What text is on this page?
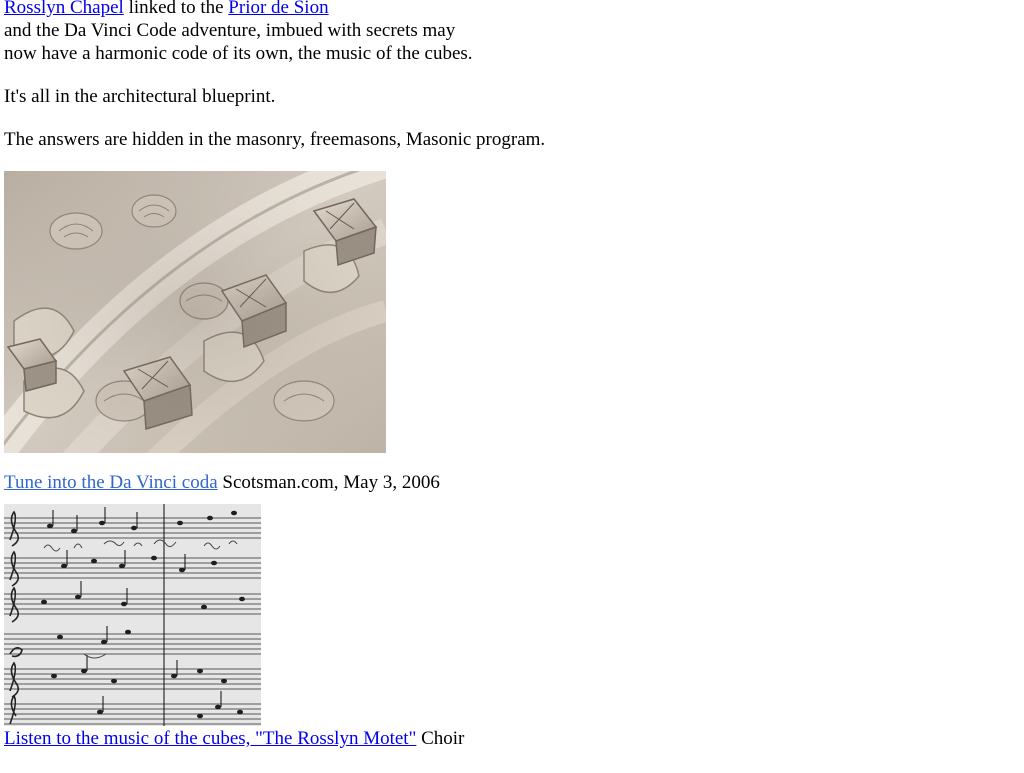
Rosslyn Chapel linked to the Prior de Sion
and the Da Vinci Code adventure, imbued with secrets may
now have a harmonic code of its own, the music of the cubes.

It's all in the architectural blueprint.

The answers are hidden in the masonry, freemasons, Masonic program.

Tune into the Da Vinci coda Scotsman.com, May 3, 2006

Listen to the music of the cubes, "The Rosslyn Motet" Choir
